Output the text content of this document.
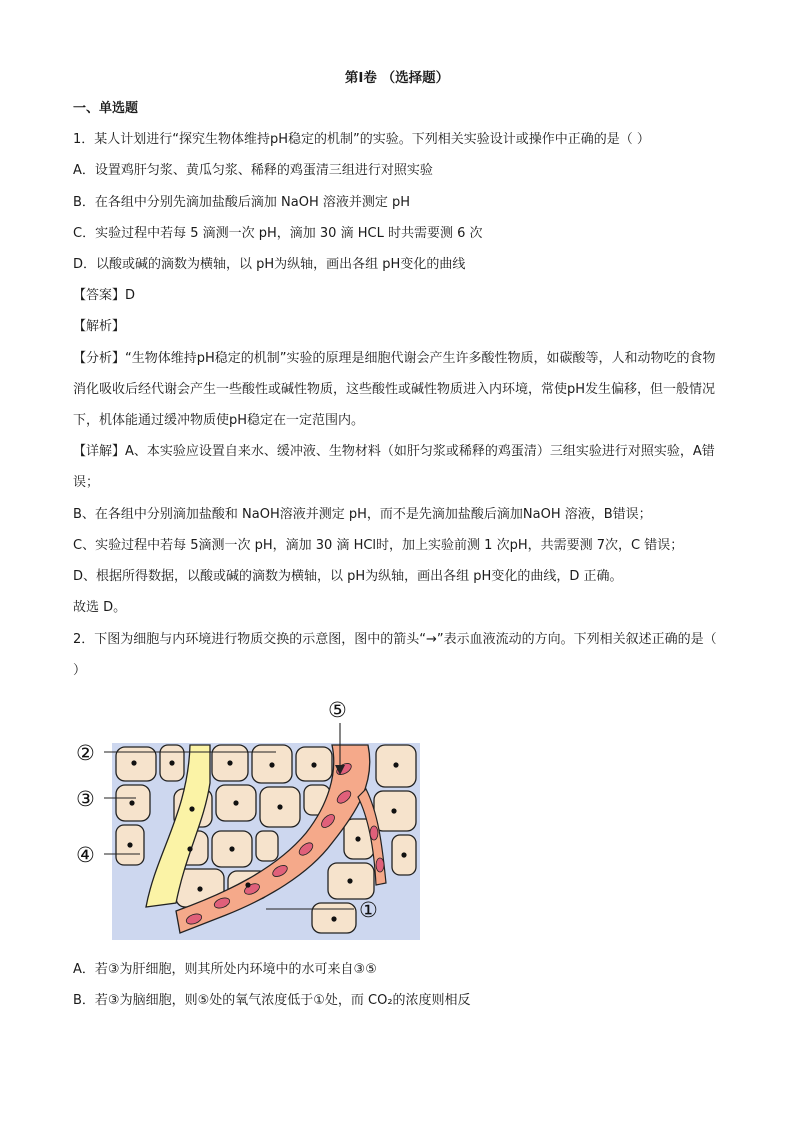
第Ⅰ卷 （选择题）
一、单选题
1．某人计划进行“探究生物体维持pH稳定的机制”的实验。下列相关实验设计或操作中正确的是（ ）
A．设置鸡肝匀浆、黄瓜匀浆、稀释的鸡蛋清三组进行对照实验
B．在各组中分别先滴加盐酸后滴加 NaOH 溶液并测定 pH
C．实验过程中若每 5 滴测一次 pH，滴加 30 滴 HCL 时共需要测 6 次
D．以酸或碱的滴数为横轴，以 pH为纵轴，画出各组 pH变化的曲线
【答案】D
【解析】
【分析】“生物体维持pH稳定的机制”实验的原理是细胞代谢会产生许多酸性物质，如碳酸等，人和动物吃的食物消化吸收后经代谢会产生一些酸性或碱性物质，这些酸性或碱性物质进入内环境，常使pH发生偏移，但一般情况下，机体能通过缓冲物质使pH稳定在一定范围内。
【详解】A、本实验应设置自来水、缓冲液、生物材料（如肝匀浆或稀释的鸡蛋清）三组实验进行对照实验，A错误；
B、在各组中分别滴加盐酸和 NaOH溶液并测定 pH，而不是先滴加盐酸后滴加NaOH 溶液，B错误；
C、实验过程中若每 5滴测一次 pH，滴加 30 滴 HCl时，加上实验前测 1 次pH，共需要测 7次，C 错误；
D、根据所得数据，以酸或碱的滴数为横轴，以 pH为纵轴，画出各组 pH变化的曲线，D 正确。
故选 D。
2．下图为细胞与内环境进行物质交换的示意图，图中的箭头“→”表示血液流动的方向。下列相关叙述正确的是（ ）
②
③
④
①
⑤
A．若③为肝细胞，则其所处内环境中的水可来自③⑤
B．若③为脑细胞，则⑤处的氧气浓度低于①处，而 CO₂的浓度则相反
